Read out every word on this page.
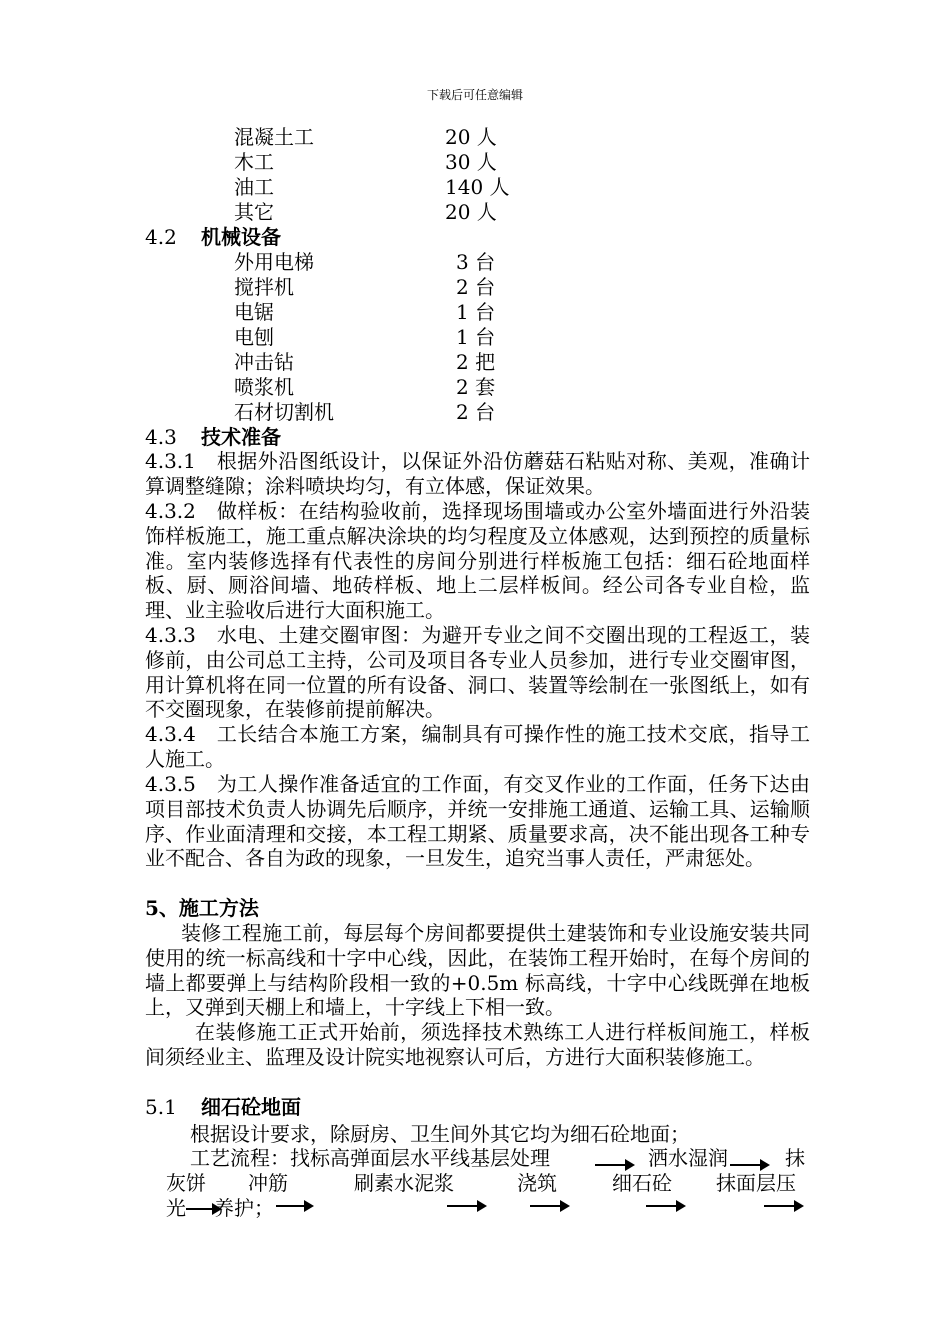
下载后可任意编辑
混凝土工	20 人
木工	30 人
油工	140 人
其它	20 人
4.2 机械设备
外用电梯	3 台
搅拌机	2 台
电锯	1 台
电刨	1 台
冲击钻	2 把
喷浆机	2 套
石材切割机	2 台
4.3 技术准备
4.3.1　根据外沿图纸设计，以保证外沿仿蘑菇石粘贴对称、美观，准确计算调整缝隙；涂料喷块均匀，有立体感，保证效果。
4.3.2　做样板：在结构验收前，选择现场围墙或办公室外墙面进行外沿装饰样板施工，施工重点解决涂块的均匀程度及立体感观，达到预控的质量标准。室内装修选择有代表性的房间分别进行样板施工包括：细石砼地面样板、厨、厕浴间墙、地砖样板、地上二层样板间。经公司各专业自检，监理、业主验收后进行大面积施工。
4.3.3　水电、土建交圈审图：为避开专业之间不交圈出现的工程返工，装修前，由公司总工主持，公司及项目各专业人员参加，进行专业交圈审图，用计算机将在同一位置的所有设备、洞口、装置等绘制在一张图纸上，如有不交圈现象，在装修前提前解决。
4.3.4　工长结合本施工方案，编制具有可操作性的施工技术交底，指导工人施工。
4.3.5　为工人操作准备适宜的工作面，有交叉作业的工作面，任务下达由项目部技术负责人协调先后顺序，并统一安排施工通道、运输工具、运输顺序、作业面清理和交接，本工程工期紧、质量要求高，决不能出现各工种专业不配合、各自为政的现象，一旦发生，追究当事人责任，严肃惩处。
5、施工方法
装修工程施工前，每层每个房间都要提供土建装饰和专业设施安装共同使用的统一标高线和十字中心线，因此，在装饰工程开始时，在每个房间的墙上都要弹上与结构阶段相一致的+0.5m 标高线，十字中心线既弹在地板上，又弹到天棚上和墙上，十字线上下相一致。
在装修施工正式开始前，须选择技术熟练工人进行样板间施工，样板间须经业主、监理及设计院实地视察认可后，方进行大面积装修施工。
5.1 细石砼地面
根据设计要求，除厨房、卫生间外其它均为细石砼地面；
工艺流程：找标高弹面层水平线基层处理	洒水湿润	抹
灰饼 冲筋	刷素水泥浆	浇筑	细石砼 抹面层压
光 养护；
